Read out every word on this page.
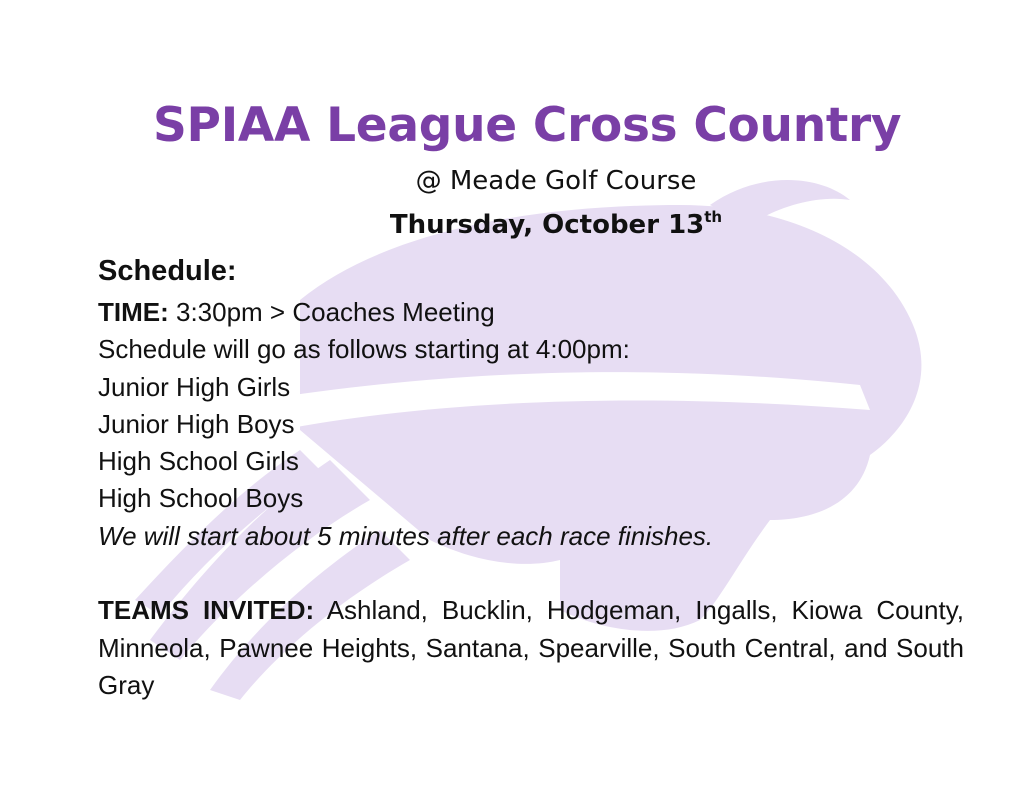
SPIAA League Cross Country
@ Meade Golf Course
Thursday, October 13th
Schedule:
TIME: 3:30pm > Coaches Meeting
Schedule will go as follows starting at 4:00pm:
Junior High Girls
Junior High Boys
High School Girls
High School Boys
We will start about 5 minutes after each race finishes.
TEAMS INVITED: Ashland, Bucklin, Hodgeman, Ingalls, Kiowa County, Minneola, Pawnee Heights, Santana, Spearville, South Central, and South Gray
